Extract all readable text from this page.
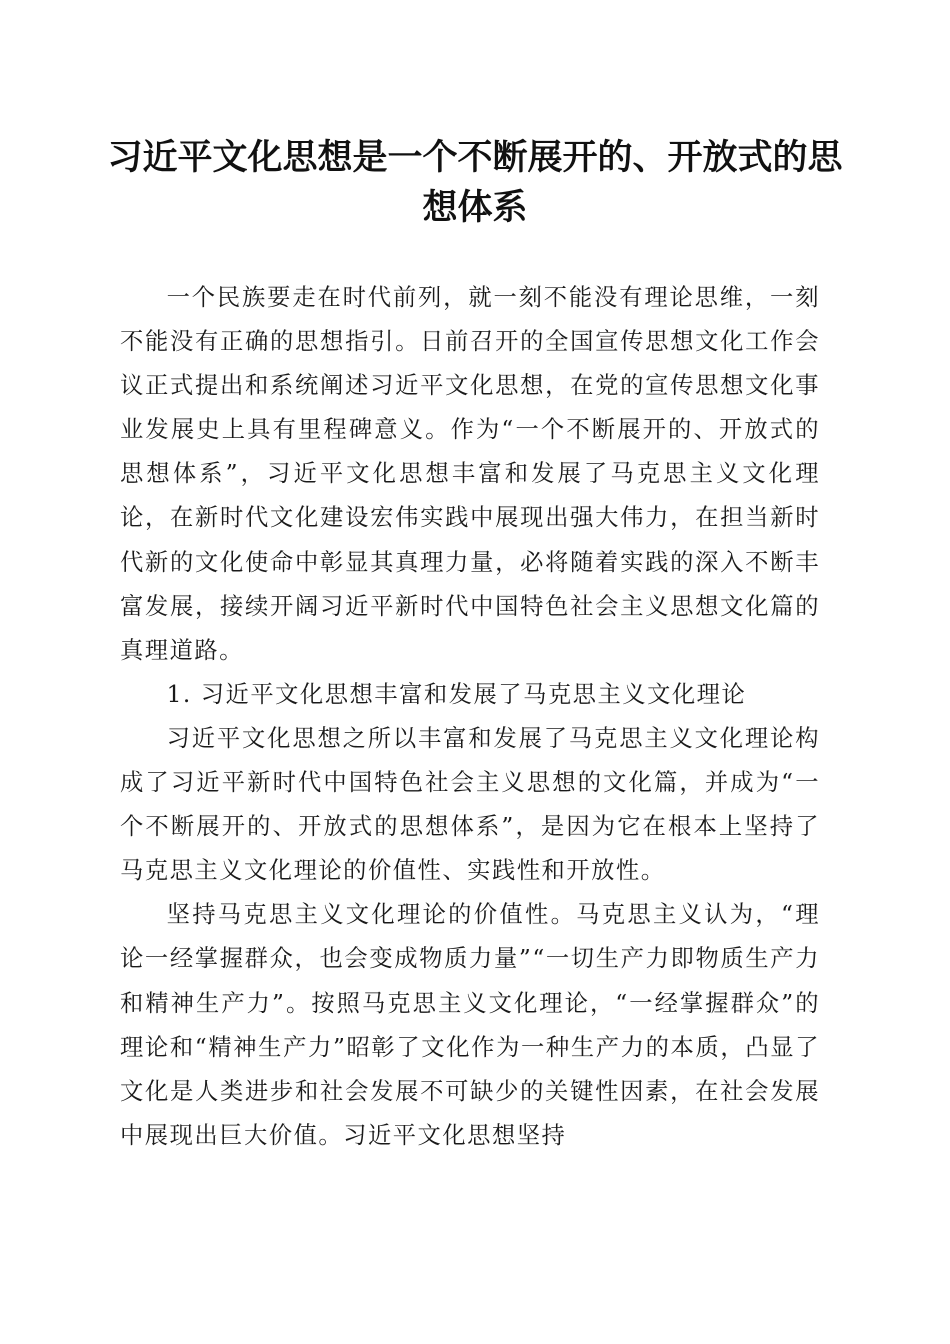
习近平文化思想是一个不断展开的、开放式的思想体系

一个民族要走在时代前列，就一刻不能没有理论思维，一刻不能没有正确的思想指引。日前召开的全国宣传思想文化工作会议正式提出和系统阐述习近平文化思想，在党的宣传思想文化事业发展史上具有里程碑意义。作为“一个不断展开的、开放式的思想体系”，习近平文化思想丰富和发展了马克思主义文化理论，在新时代文化建设宏伟实践中展现出强大伟力，在担当新时代新的文化使命中彰显其真理力量，必将随着实践的深入不断丰富发展，接续开阔习近平新时代中国特色社会主义思想文化篇的真理道路。

1. 习近平文化思想丰富和发展了马克思主义文化理论

习近平文化思想之所以丰富和发展了马克思主义文化理论构成了习近平新时代中国特色社会主义思想的文化篇，并成为“一个不断展开的、开放式的思想体系”，是因为它在根本上坚持了马克思主义文化理论的价值性、实践性和开放性。

坚持马克思主义文化理论的价值性。马克思主义认为，“理论一经掌握群众，也会变成物质力量”“一切生产力即物质生产力和精神生产力”。按照马克思主义文化理论，“一经掌握群众”的理论和“精神生产力”昭彰了文化作为一种生产力的本质，凸显了文化是人类进步和社会发展不可缺少的关键性因素，在社会发展中展现出巨大价值。习近平文化思想坚持
